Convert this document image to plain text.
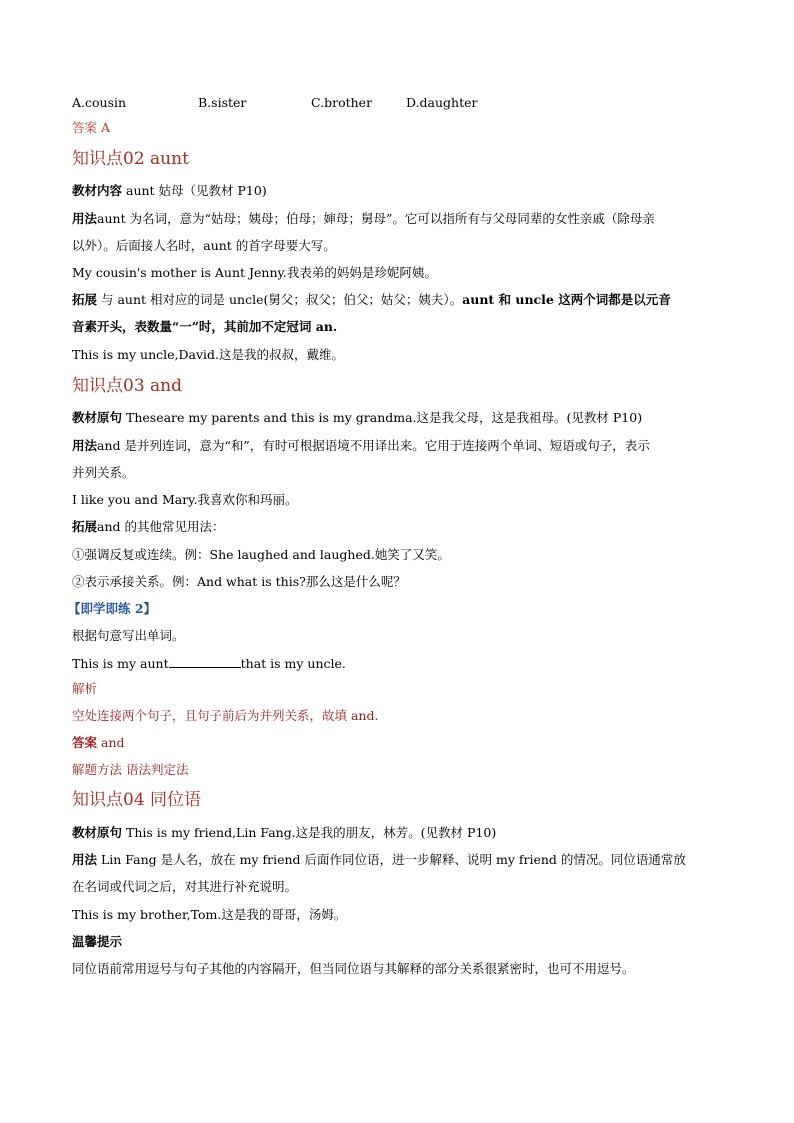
A.cousin	B.sister	C.brother	D.daughter
答案 A
知识点02 aunt
教材内容 aunt 姑母（见教材 P10)
用法aunt 为名词，意为“姑母；姨母；伯母；婶母；舅母”。它可以指所有与父母同辈的女性亲戚（除母亲
以外）。后面接人名时，aunt 的首字母要大写。
My cousin's mother is Aunt Jenny.我表弟的妈妈是珍妮阿姨。
拓展 与 aunt 相对应的词是 uncle(舅父；叔父；伯父；姑父；姨夫）。aunt 和 uncle 这两个词都是以元音
音素开头，表数量“一”时，其前加不定冠词 an.
This is my uncle,David.这是我的叔叔，戴维。
知识点03 and
教材原句 Theseare my parents and this is my grandma.这是我父母，这是我祖母。(见教材 P10)
用法and 是并列连词，意为“和”，有时可根据语境不用译出来。它用于连接两个单词、短语或句子，表示
并列关系。
I like you and Mary.我喜欢你和玛丽。
拓展and 的其他常见用法：
①强调反复或连续。例：She laughed and laughed.她笑了又笑。
②表示承接关系。例：And what is this?那么这是什么呢？
【即学即练 2】
根据句意写出单词。
This is my aunt	that is my uncle.
解析
空处连接两个句子，且句子前后为并列关系，故填 and.
答案 and
解题方法 语法判定法
知识点04 同位语
教材原句 This is my friend,Lin Fang.这是我的朋友，林芳。(见教材 P10)
用法 Lin Fang 是人名，放在 my friend 后面作同位语，进一步解释、说明 my friend 的情况。同位语通常放
在名词或代词之后，对其进行补充说明。
This is my brother,Tom.这是我的哥哥，汤姆。
温馨提示
同位语前常用逗号与句子其他的内容隔开，但当同位语与其解释的部分关系很紧密时，也可不用逗号。
